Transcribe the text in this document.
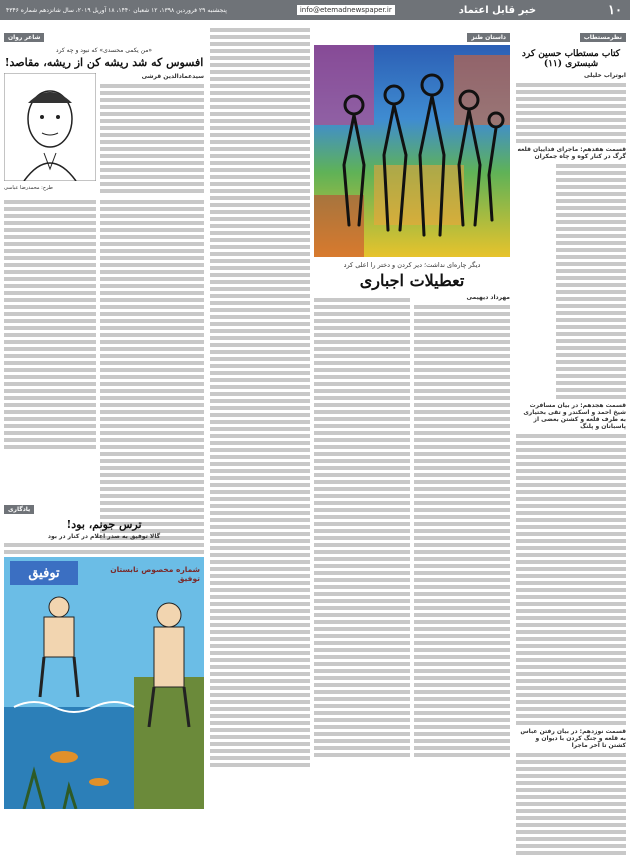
۱۰
خبر قابل اعتماد
info@etemadnewspaper.ir
پنجشنبه ۲۹ فروردین ۱۳۹۸، ۱۲ شعبان ۱۴۴۰، ۱۸ آوریل ۲۰۱۹، سال شانزدهم شماره ۴۳۴۶
نظرمستطاب
کتاب مستطاب حسین کرد شبستری (۱۱)
ابوتراب خلیلی
قسمت هفدهم: ماجرای فداییان قلعه گرگ در کنار کوه و چاه جمکران
قسمت هجدهم: در بیان مسافرت شیخ احمد و اسکندر و تقی بختیاری به طرف قلعه و کشتن بعضی از پاسبانان و پلنگ
قسمت نوزدهم: در بیان رفتن عباس به قلعه و جنگ کردن با دیوان و کشتن تا آخر ماجرا
داستان طنز
دیگر چاره‌ای نداشت؛ دیر کردن و دختر را اعلی کرد
تعطیلات اجباری
مهرداد دیهیمی
شاعر روان
«من یکمی محسدی» که نبود و چه کرد
افسوس که شد ریشه کن از ریشه، مقاصد!
سیدعمادالدین قرشی
طرح: محمدرضا عباسی
یادگاری
ترس جونم، بود!
گالا توفیق به صدر اعلام در کنار در بود
توفیق	شماره مخصوص تابستان توفیق
